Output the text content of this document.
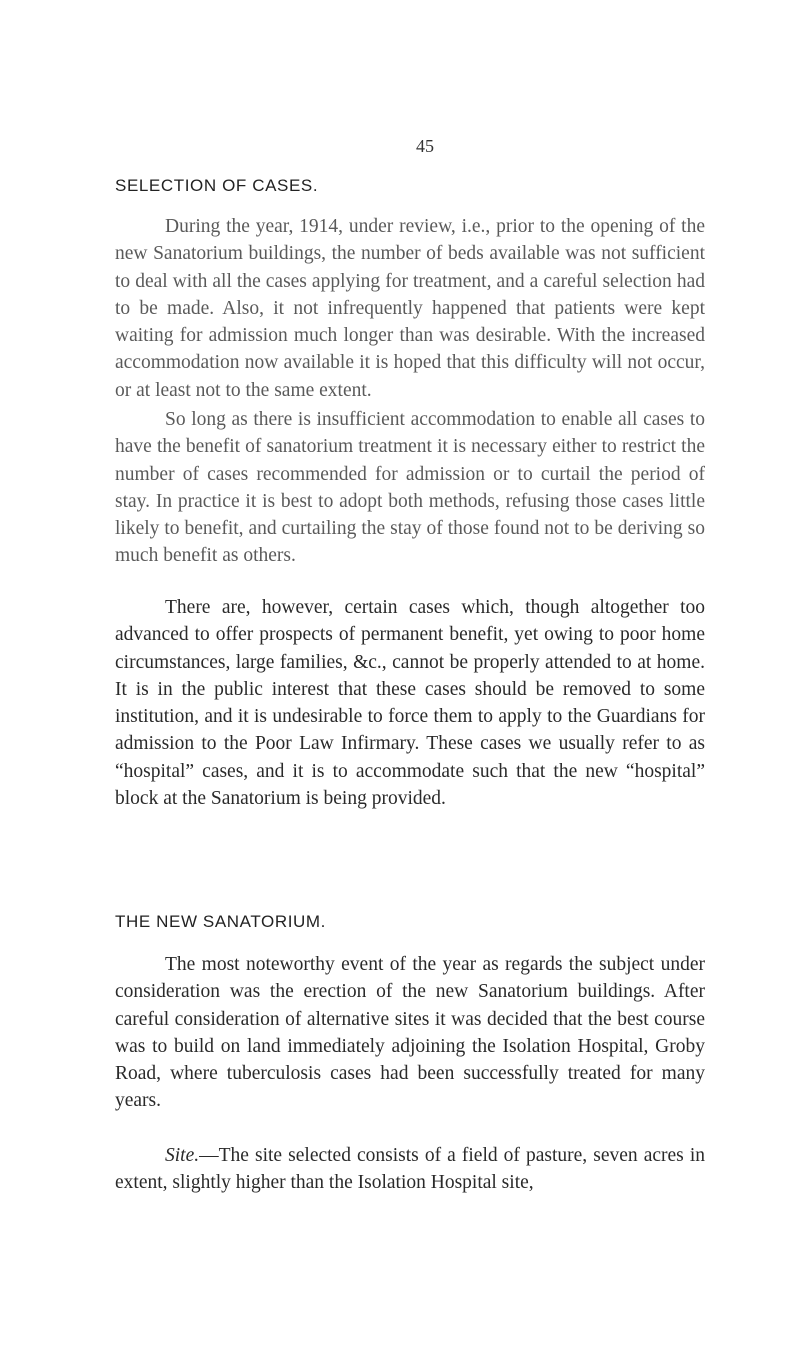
45
SELECTION OF CASES.

During the year, 1914, under review, i.e., prior to the opening of the new Sanatorium buildings, the number of beds available was not sufficient to deal with all the cases applying for treatment, and a careful selection had to be made. Also, it not infrequently happened that patients were kept waiting for admission much longer than was desirable. With the increased accommodation now available it is hoped that this difficulty will not occur, or at least not to the same extent.

So long as there is insufficient accommodation to enable all cases to have the benefit of sanatorium treatment it is necessary either to restrict the number of cases recommended for admission or to curtail the period of stay. In practice it is best to adopt both methods, refusing those cases little likely to benefit, and curtailing the stay of those found not to be deriving so much benefit as others.

There are, however, certain cases which, though altogether too advanced to offer prospects of permanent benefit, yet owing to poor home circumstances, large families, &c., cannot be properly attended to at home. It is in the public interest that these cases should be removed to some institution, and it is undesirable to force them to apply to the Guardians for admission to the Poor Law Infirmary. These cases we usually refer to as “hospital” cases, and it is to accommodate such that the new “hospital” block at the Sanatorium is being provided.

THE NEW SANATORIUM.

The most noteworthy event of the year as regards the subject under consideration was the erection of the new Sanatorium buildings. After careful consideration of alternative sites it was decided that the best course was to build on land immediately adjoining the Isolation Hospital, Groby Road, where tuberculosis cases had been successfully treated for many years.

Site.—The site selected consists of a field of pasture, seven acres in extent, slightly higher than the Isolation Hospital site,
